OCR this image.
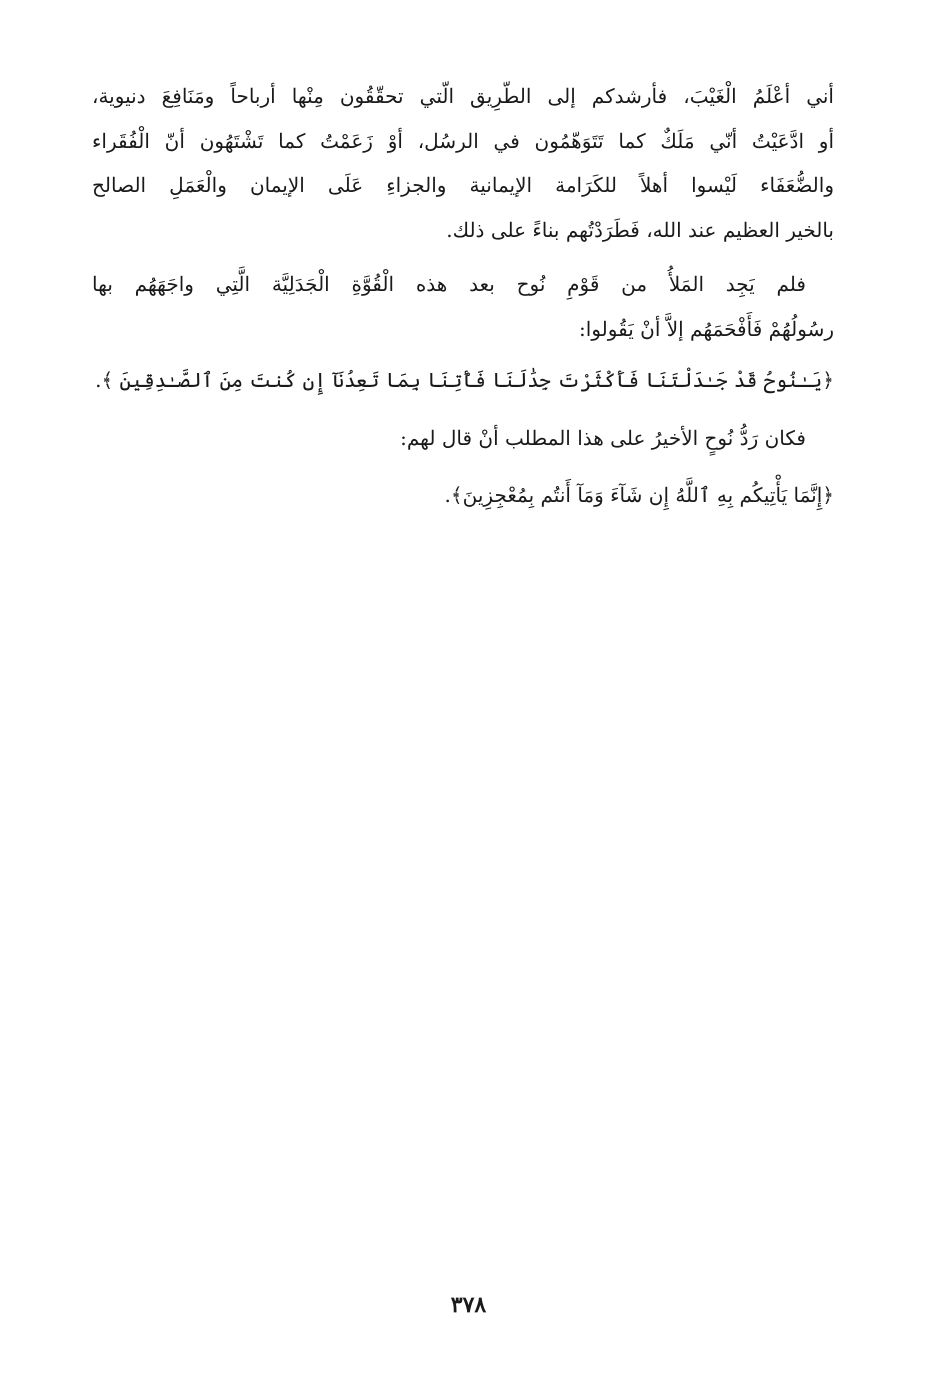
أني أعْلَمُ الْغَيْبَ، فأرشدكم إلى الطّرِيق الّتي تحقّقُون مِنْها أرباحاً ومَنَافِعَ دنيوية،
أو ادَّعَيْتُ أنّي مَلَكٌ كما تَتَوَهّمُون في الرسُل، أوْ زَعَمْتُ كما تَشْتَهُون أنّ الْفُقَراء
والضُّعَفَاء لَيْسوا أهلاً للكَرَامة الإيمانية والجزاءِ عَلَى الإيمان والْعَمَلِ الصالح
بالخير العظيم عند الله، فَطَرَدْتُهم بناءً على ذلك.
فلم يَجِد المَلأُ من قَوْمِ نُوح بعد هذه الْقُوَّةِ الْجَدَلِيَّة الَّتِي واجَهَهُم بها
رسُولُهُمْ فَأَفْحَمَهُم إلاَّ أنْ يَقُولوا:
﴿يَـٰنُوحُ قَدْ جَـٰدَلْتَنَا فَأَكْثَرْتَ جِدَٰلَنَا فَأْتِنَا بِمَا تَعِدُنَآ إِن كُنتَ مِنَ ٱلصَّـٰدِقِينَ ﴾.
فكان رَدُّ نُوحٍ الأخيرُ على هذا المطلب أنْ قال لهم:
﴿إِنَّمَا يَأْتِيكُم بِهِ ٱللَّهُ إِن شَآءَ وَمَآ أَنتُم بِمُعْجِزِينَ﴾.
٣٧٨
